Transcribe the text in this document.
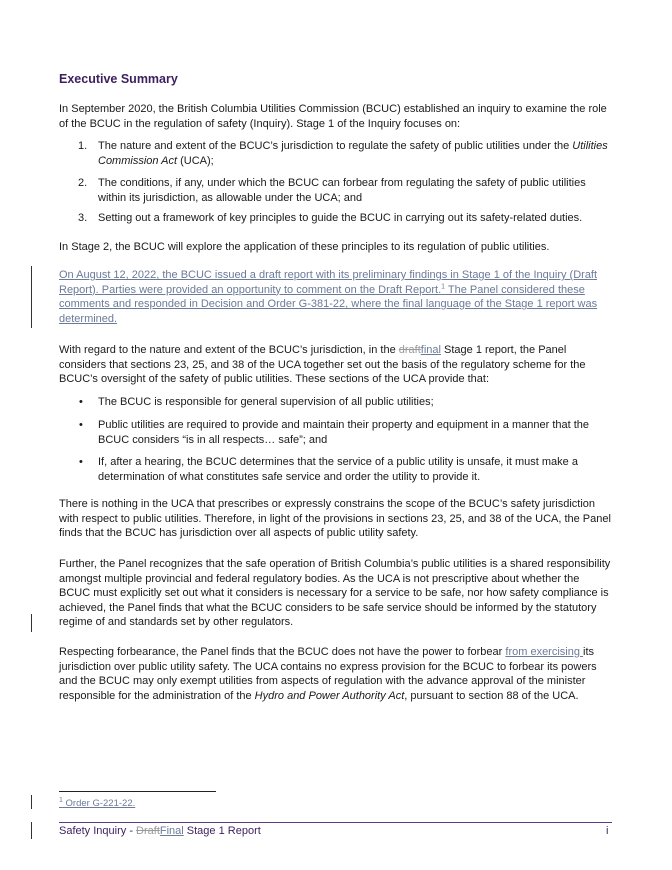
Executive Summary

In September 2020, the British Columbia Utilities Commission (BCUC) established an inquiry to examine the role of the BCUC in the regulation of safety (Inquiry). Stage 1 of the Inquiry focuses on:

1. The nature and extent of the BCUC’s jurisdiction to regulate the safety of public utilities under the Utilities Commission Act (UCA);

2. The conditions, if any, under which the BCUC can forbear from regulating the safety of public utilities within its jurisdiction, as allowable under the UCA; and

3. Setting out a framework of key principles to guide the BCUC in carrying out its safety-related duties.

In Stage 2, the BCUC will explore the application of these principles to its regulation of public utilities.

On August 12, 2022, the BCUC issued a draft report with its preliminary findings in Stage 1 of the Inquiry (Draft Report). Parties were provided an opportunity to comment on the Draft Report.$^1$ The Panel considered these comments and responded in Decision and Order G-381-22, where the final language of the Stage 1 report was determined.

With regard to the nature and extent of the BCUC’s jurisdiction, in the draftfinal Stage 1 report, the Panel considers that sections 23, 25, and 38 of the UCA together set out the basis of the regulatory scheme for the BCUC’s oversight of the safety of public utilities. These sections of the UCA provide that:

• The BCUC is responsible for general supervision of all public utilities;

• Public utilities are required to provide and maintain their property and equipment in a manner that the BCUC considers “is in all respects… safe”; and

• If, after a hearing, the BCUC determines that the service of a public utility is unsafe, it must make a determination of what constitutes safe service and order the utility to provide it.

There is nothing in the UCA that prescribes or expressly constrains the scope of the BCUC’s safety jurisdiction with respect to public utilities. Therefore, in light of the provisions in sections 23, 25, and 38 of the UCA, the Panel finds that the BCUC has jurisdiction over all aspects of public utility safety.

Further, the Panel recognizes that the safe operation of British Columbia’s public utilities is a shared responsibility amongst multiple provincial and federal regulatory bodies. As the UCA is not prescriptive about whether the BCUC must explicitly set out what it considers is necessary for a service to be safe, nor how safety compliance is achieved, the Panel finds that what the BCUC considers to be safe service should be informed by the statutory regime of and standards set by other regulators.

Respecting forbearance, the Panel finds that the BCUC does not have the power to forbear from exercising its jurisdiction over public utility safety. The UCA contains no express provision for the BCUC to forbear its powers and the BCUC may only exempt utilities from aspects of regulation with the advance approval of the minister responsible for the administration of the Hydro and Power Authority Act, pursuant to section 88 of the UCA.

$^1$ Order G-221-22.
Safety Inquiry - DraftFinal Stage 1 Report	i
